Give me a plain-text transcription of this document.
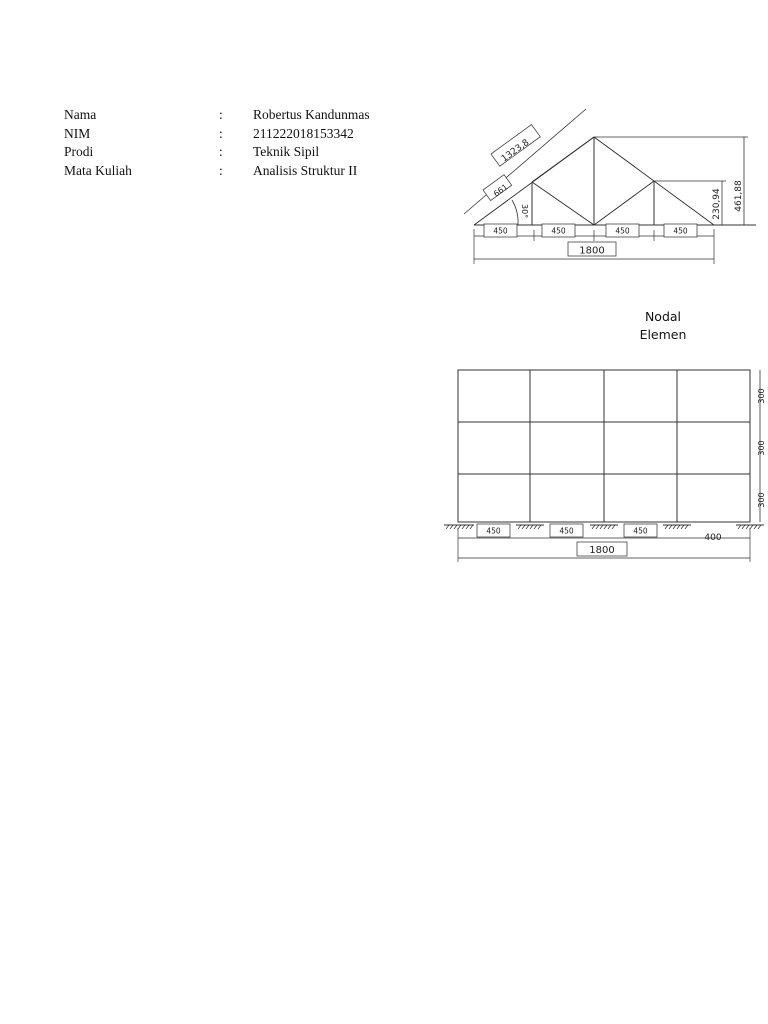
Nama	:	Robertus Kandunmas
NIM	:	211222018153342
Prodi	:	Teknik Sipil
Mata Kuliah	:	Analisis Struktur II
450	450	450	450
1800
1323,8
661
30°	461,88
230,94
Nodal
Elemen
450	450	450
400
1800
300
300
300
